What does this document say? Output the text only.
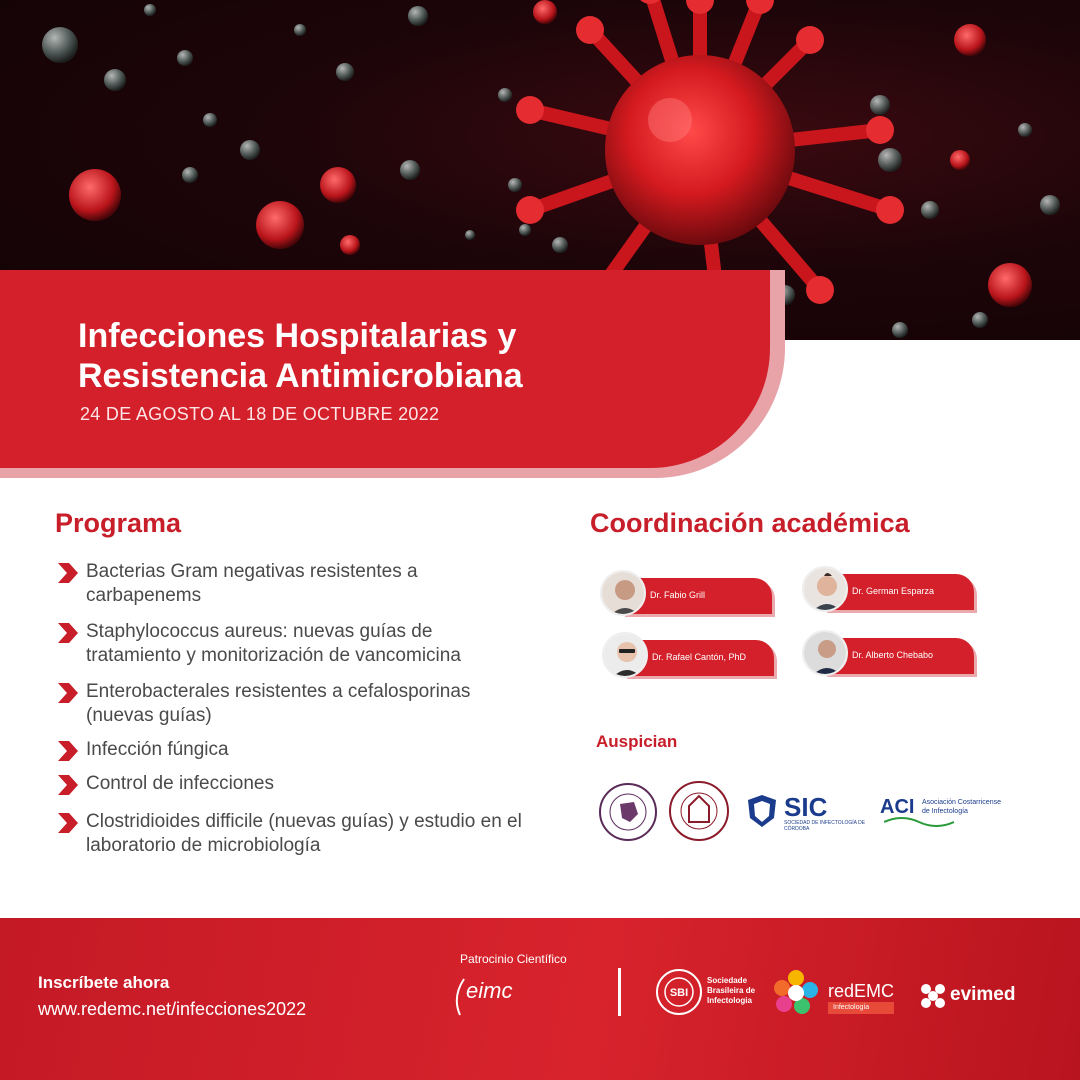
Infecciones Hospitalarias y
Resistencia Antimicrobiana
24 DE AGOSTO AL 18 DE OCTUBRE 2022
Programa
Bacterias Gram negativas resistentes a carbapenems
Staphylococcus aureus: nuevas guías de tratamiento y monitorización de vancomicina
Enterobacterales resistentes a cefalosporinas (nuevas guías)
Infección fúngica
Control de infecciones
Clostridioides difficile (nuevas guías) y estudio en el laboratorio de microbiología
Coordinación académica
Dr. Fabio Grill	Dr. German Esparza
Dr. Rafael Cantón, PhD	Dr. Alberto Chebabo
Auspician
SIC
SOCIEDAD DE INFECTOLOGÍA DE CÓRDOBA
ACI Asociación Costarricense de Infectología
Inscríbete ahora
www.redemc.net/infecciones2022
Patrocinio Científico
eimc	SBI
Sociedade Brasileira de Infectologia	redEMC
Infectología
evimed
